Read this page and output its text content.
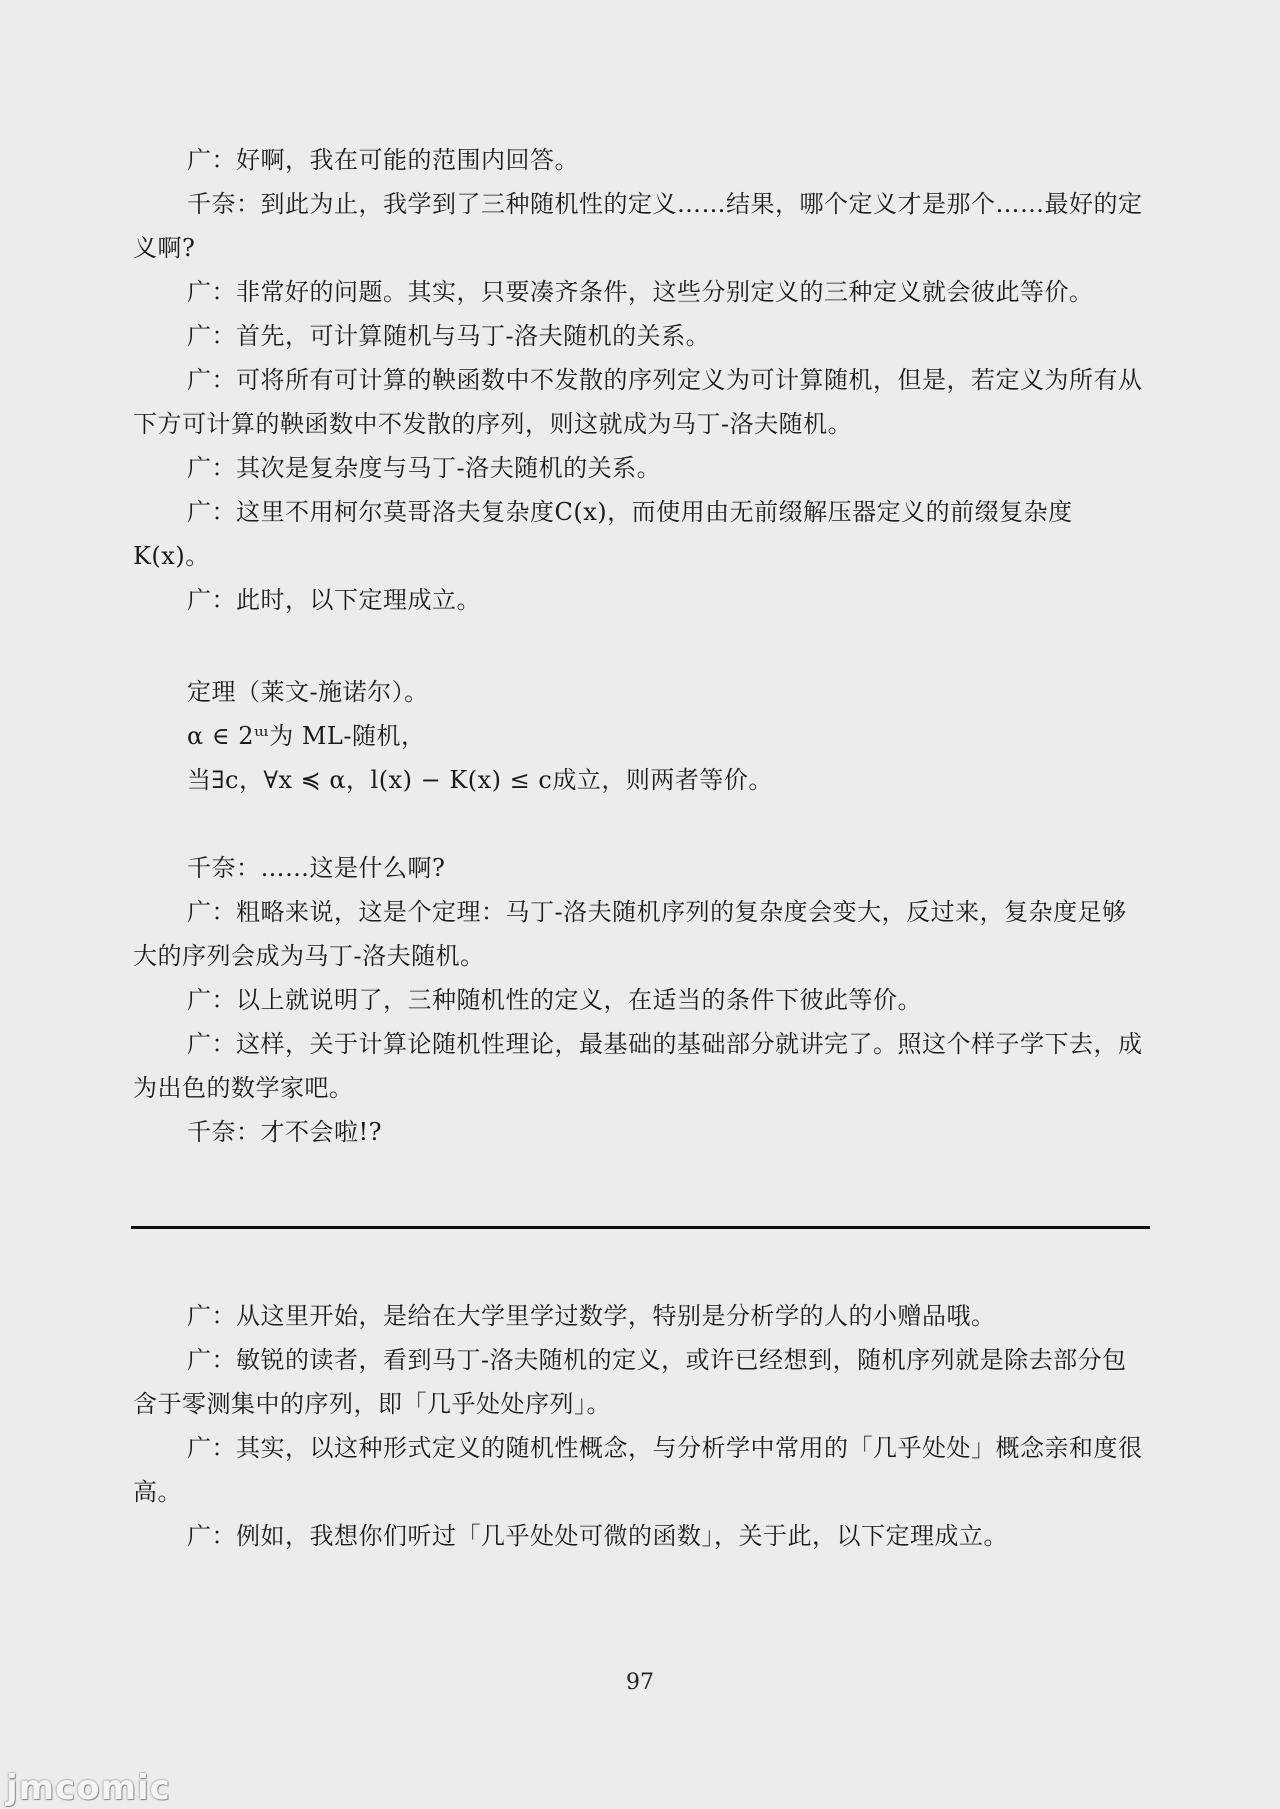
广：好啊，我在可能的范围内回答。

千奈：到此为止，我学到了三种随机性的定义……结果，哪个定义才是那个……最好的定义啊?

广：非常好的问题。其实，只要凑齐条件，这些分别定义的三种定义就会彼此等价。

广：首先，可计算随机与马丁-洛夫随机的关系。

广：可将所有可计算的鞅函数中不发散的序列定义为可计算随机，但是，若定义为所有从下方可计算的鞅函数中不发散的序列，则这就成为马丁-洛夫随机。

广：其次是复杂度与马丁-洛夫随机的关系。

广：这里不用柯尔莫哥洛夫复杂度C(x)，而使用由无前缀解压器定义的前缀复杂度K(x)。

广：此时，以下定理成立。

定理（莱文-施诺尔）。

α ∈ 2ᵚ为 ML-随机，

当∃c，∀x ≼ α，l(x) − K(x) ≤ c成立，则两者等价。

千奈：……这是什么啊?

广：粗略来说，这是个定理：马丁-洛夫随机序列的复杂度会变大，反过来，复杂度足够大的序列会成为马丁-洛夫随机。

广：以上就说明了，三种随机性的定义，在适当的条件下彼此等价。

广：这样，关于计算论随机性理论，最基础的基础部分就讲完了。照这个样子学下去，成为出色的数学家吧。

千奈：才不会啦!?

广：从这里开始，是给在大学里学过数学，特别是分析学的人的小赠品哦。

广：敏锐的读者，看到马丁-洛夫随机的定义，或许已经想到，随机序列就是除去部分包含于零测集中的序列，即「几乎处处序列」。

广：其实，以这种形式定义的随机性概念，与分析学中常用的「几乎处处」概念亲和度很高。

广：例如，我想你们听过「几乎处处可微的函数」，关于此，以下定理成立。

97
jmcomic
